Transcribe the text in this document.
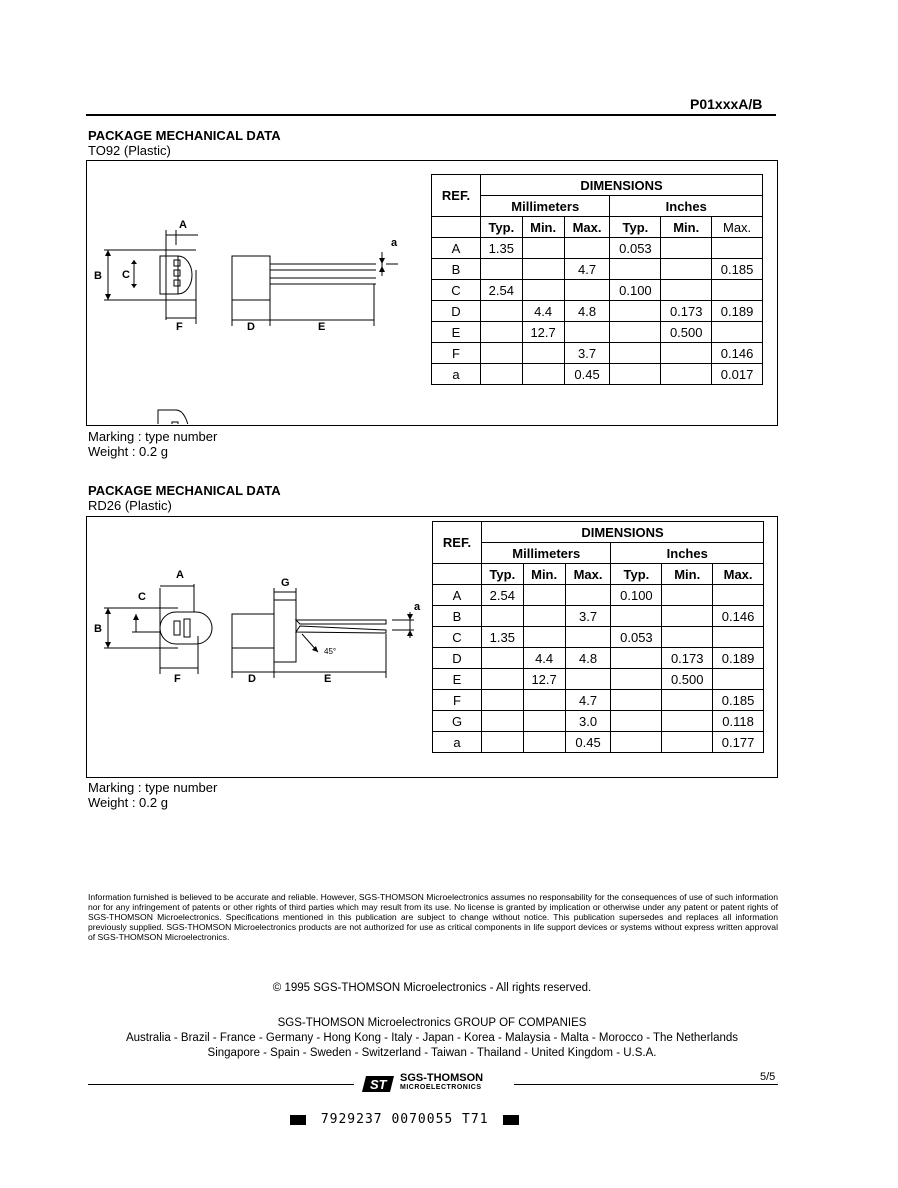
P01xxxA/B
PACKAGE MECHANICAL DATA
TO92 (Plastic)
A
B C
F	D	E
a
REF.	DIMENSIONS					
	Millimeters			Inches		
	Typ.	Min.	Max.	Typ.	Min.	Max.
A	1.35			0.053		
B			4.7			0.185
C	2.54			0.100		
D		4.4	4.8		0.173	0.189
E		12.7			0.500	
F			3.7			0.146
a			0.45			0.017
Marking : type number
Weight : 0.2 g
PACKAGE MECHANICAL DATA
RD26 (Plastic)
A
B
C
F	D	E
G
a
45°
REF.	DIMENSIONS					
	Millimeters			Inches		
	Typ.	Min.	Max.	Typ.	Min.	Max.
A	2.54			0.100		
B			3.7			0.146
C	1.35			0.053		
D		4.4	4.8		0.173	0.189
E		12.7			0.500	
F			4.7			0.185
G			3.0			0.118
a			0.45			0.177
Marking : type number
Weight : 0.2 g
Information furnished is believed to be accurate and reliable. However, SGS-THOMSON Microelectronics assumes no responsability for the consequences of use of such information nor for any infringement of patents or other rights of third parties which may result from its use. No license is granted by implication or otherwise under any patent or patent rights of SGS-THOMSON Microelectronics. Specifications mentioned in this publication are subject to change without notice. This publication supersedes and replaces all information previously supplied. SGS-THOMSON Microelectronics products are not authorized for use as critical components in life support devices or systems without express written approval of SGS-THOMSON Microelectronics.
© 1995 SGS-THOMSON Microelectronics - All rights reserved.
SGS-THOMSON Microelectronics GROUP OF COMPANIES
Australia - Brazil - France - Germany - Hong Kong - Italy - Japan - Korea - Malaysia - Malta - Morocco - The Netherlands
Singapore - Spain - Sweden - Switzerland - Taiwan - Thailand - United Kingdom - U.S.A.
ST SGS-THOMSON
MICROELECTRONICS
5/5
7929237 0070055 T71
